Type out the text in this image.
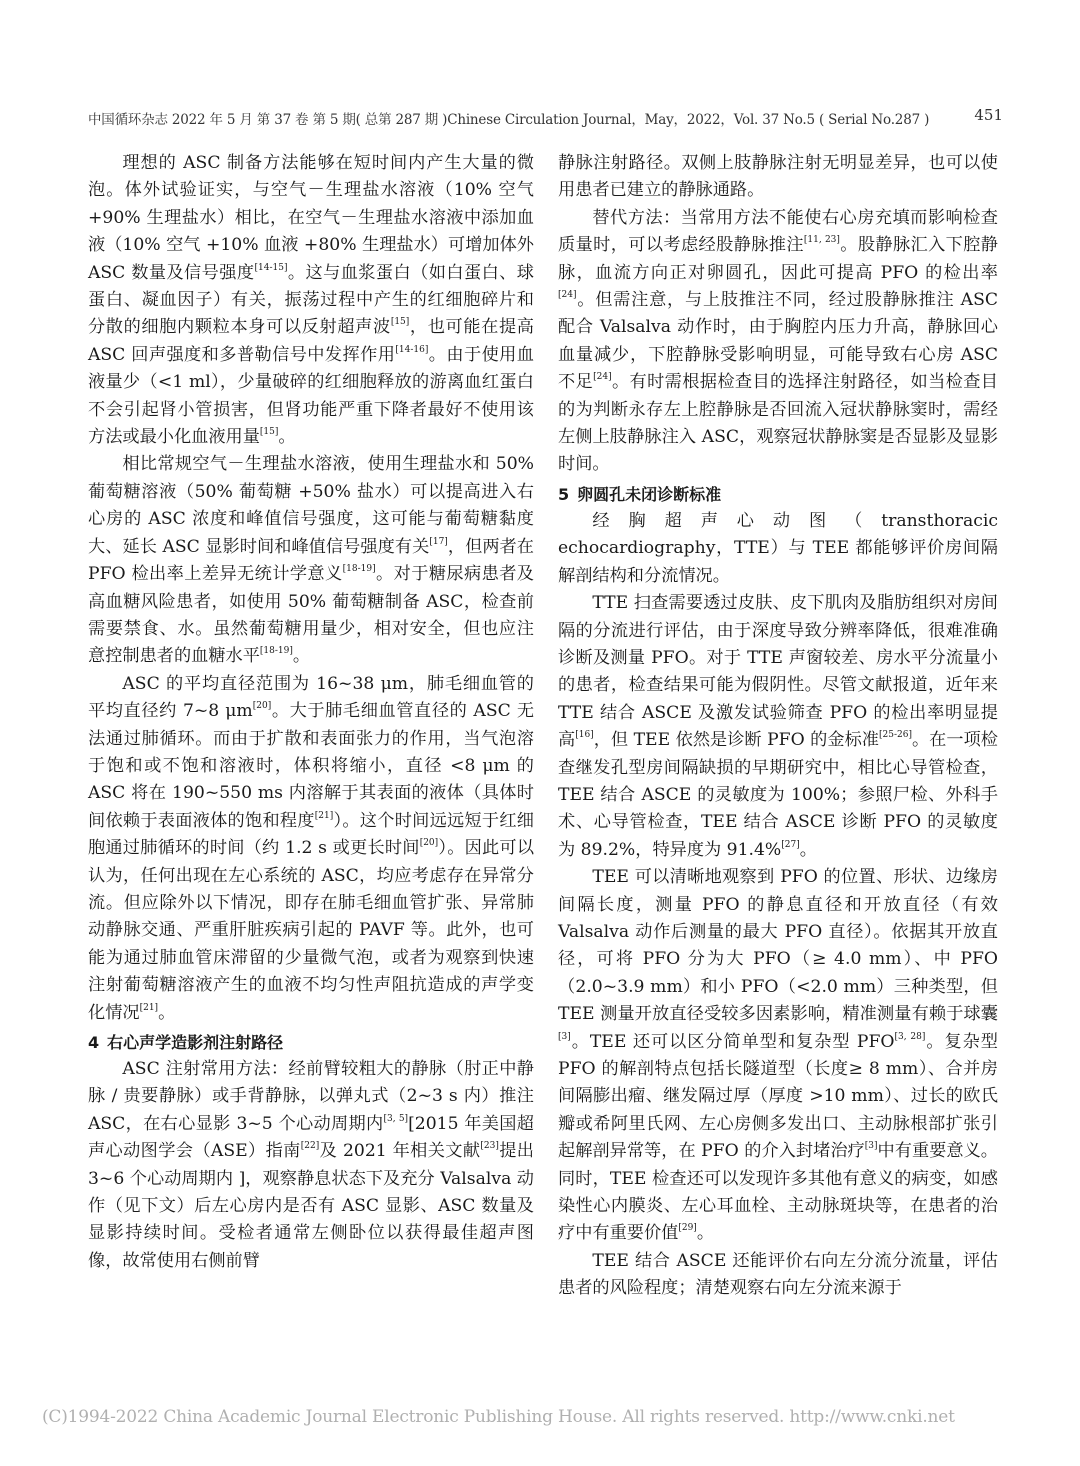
中国循环杂志 2022 年 5 月 第 37 卷 第 5 期( 总第 287 期 )Chinese Circulation Journal，May，2022，Vol. 37 No.5 ( Serial No.287 )	451

理想的 ASC 制备方法能够在短时间内产生大量的微泡。体外试验证实，与空气－生理盐水溶液（10% 空气 +90% 生理盐水）相比，在空气－生理盐水溶液中添加血液（10% 空气 +10% 血液 +80% 生理盐水）可增加体外 ASC 数量及信号强度[14-15]。这与血浆蛋白（如白蛋白、球蛋白、凝血因子）有关，振荡过程中产生的红细胞碎片和分散的细胞内颗粒本身可以反射超声波[15]，也可能在提高 ASC 回声强度和多普勒信号中发挥作用[14-16]。由于使用血液量少（<1 ml），少量破碎的红细胞释放的游离血红蛋白不会引起肾小管损害，但肾功能严重下降者最好不使用该方法或最小化血液用量[15]。

相比常规空气－生理盐水溶液，使用生理盐水和 50% 葡萄糖溶液（50% 葡萄糖 +50% 盐水）可以提高进入右心房的 ASC 浓度和峰值信号强度，这可能与葡萄糖黏度大、延长 ASC 显影时间和峰值信号强度有关[17]，但两者在 PFO 检出率上差异无统计学意义[18-19]。对于糖尿病患者及高血糖风险患者，如使用 50% 葡萄糖制备 ASC，检查前需要禁食、水。虽然葡萄糖用量少，相对安全，但也应注意控制患者的血糖水平[18-19]。

ASC 的平均直径范围为 16~38 μm，肺毛细血管的平均直径约 7~8 μm[20]。大于肺毛细血管直径的 ASC 无法通过肺循环。而由于扩散和表面张力的作用，当气泡溶于饱和或不饱和溶液时，体积将缩小，直径 <8 μm 的 ASC 将在 190~550 ms 内溶解于其表面的液体（具体时间依赖于表面液体的饱和程度[21]）。这个时间远远短于红细胞通过肺循环的时间（约 1.2 s 或更长时间[20]）。因此可以认为，任何出现在左心系统的 ASC，均应考虑存在异常分流。但应除外以下情况，即存在肺毛细血管扩张、异常肺动静脉交通、严重肝脏疾病引起的 PAVF 等。此外，也可能为通过肺血管床滞留的少量微气泡，或者为观察到快速注射葡萄糖溶液产生的血液不均匀性声阻抗造成的声学变化情况[21]。

4 右心声学造影剂注射路径

ASC 注射常用方法：经前臂较粗大的静脉（肘正中静脉 / 贵要静脉）或手背静脉，以弹丸式（2~3 s 内）推注 ASC，在右心显影 3~5 个心动周期内[3, 5][2015 年美国超声心动图学会（ASE）指南[22]及 2021 年相关文献[23]提出 3~6 个心动周期内 ]，观察静息状态下及充分 Valsalva 动作（见下文）后左心房内是否有 ASC 显影、ASC 数量及显影持续时间。受检者通常左侧卧位以获得最佳超声图像，故常使用右侧前臂

静脉注射路径。双侧上肢静脉注射无明显差异，也可以使用患者已建立的静脉通路。

替代方法：当常用方法不能使右心房充填而影响检查质量时，可以考虑经股静脉推注[11, 23]。股静脉汇入下腔静脉，血流方向正对卵圆孔，因此可提高 PFO 的检出率[24]。但需注意，与上肢推注不同，经过股静脉推注 ASC 配合 Valsalva 动作时，由于胸腔内压力升高，静脉回心血量减少，下腔静脉受影响明显，可能导致右心房 ASC 不足[24]。有时需根据检查目的选择注射路径，如当检查目的为判断永存左上腔静脉是否回流入冠状静脉窦时，需经左侧上肢静脉注入 ASC，观察冠状静脉窦是否显影及显影时间。

5 卵圆孔未闭诊断标准

经胸超声心动图（transthoracic echocardiography，TTE）与 TEE 都能够评价房间隔解剖结构和分流情况。

TTE 扫查需要透过皮肤、皮下肌肉及脂肪组织对房间隔的分流进行评估，由于深度导致分辨率降低，很难准确诊断及测量 PFO。对于 TTE 声窗较差、房水平分流量小的患者，检查结果可能为假阴性。尽管文献报道，近年来 TTE 结合 ASCE 及激发试验筛查 PFO 的检出率明显提高[16]，但 TEE 依然是诊断 PFO 的金标准[25-26]。在一项检查继发孔型房间隔缺损的早期研究中，相比心导管检查，TEE 结合 ASCE 的灵敏度为 100%；参照尸检、外科手术、心导管检查，TEE 结合 ASCE 诊断 PFO 的灵敏度为 89.2%，特异度为 91.4%[27]。

TEE 可以清晰地观察到 PFO 的位置、形状、边缘房间隔长度，测量 PFO 的静息直径和开放直径（有效 Valsalva 动作后测量的最大 PFO 直径）。依据其开放直径，可将 PFO 分为大 PFO（≥ 4.0 mm）、中 PFO（2.0~3.9 mm）和小 PFO（<2.0 mm）三种类型，但 TEE 测量开放直径受较多因素影响，精准测量有赖于球囊[3]。TEE 还可以区分简单型和复杂型 PFO[3, 28]。复杂型 PFO 的解剖特点包括长隧道型（长度≥ 8 mm）、合并房间隔膨出瘤、继发隔过厚（厚度 >10 mm）、过长的欧氏瓣或希阿里氏网、左心房侧多发出口、主动脉根部扩张引起解剖异常等，在 PFO 的介入封堵治疗[3]中有重要意义。同时，TEE 检查还可以发现许多其他有意义的病变，如感染性心内膜炎、左心耳血栓、主动脉斑块等，在患者的治疗中有重要价值[29]。

TEE 结合 ASCE 还能评价右向左分流分流量，评估患者的风险程度；清楚观察右向左分流来源于

(C)1994-2022 China Academic Journal Electronic Publishing House. All rights reserved. http://www.cnki.net
